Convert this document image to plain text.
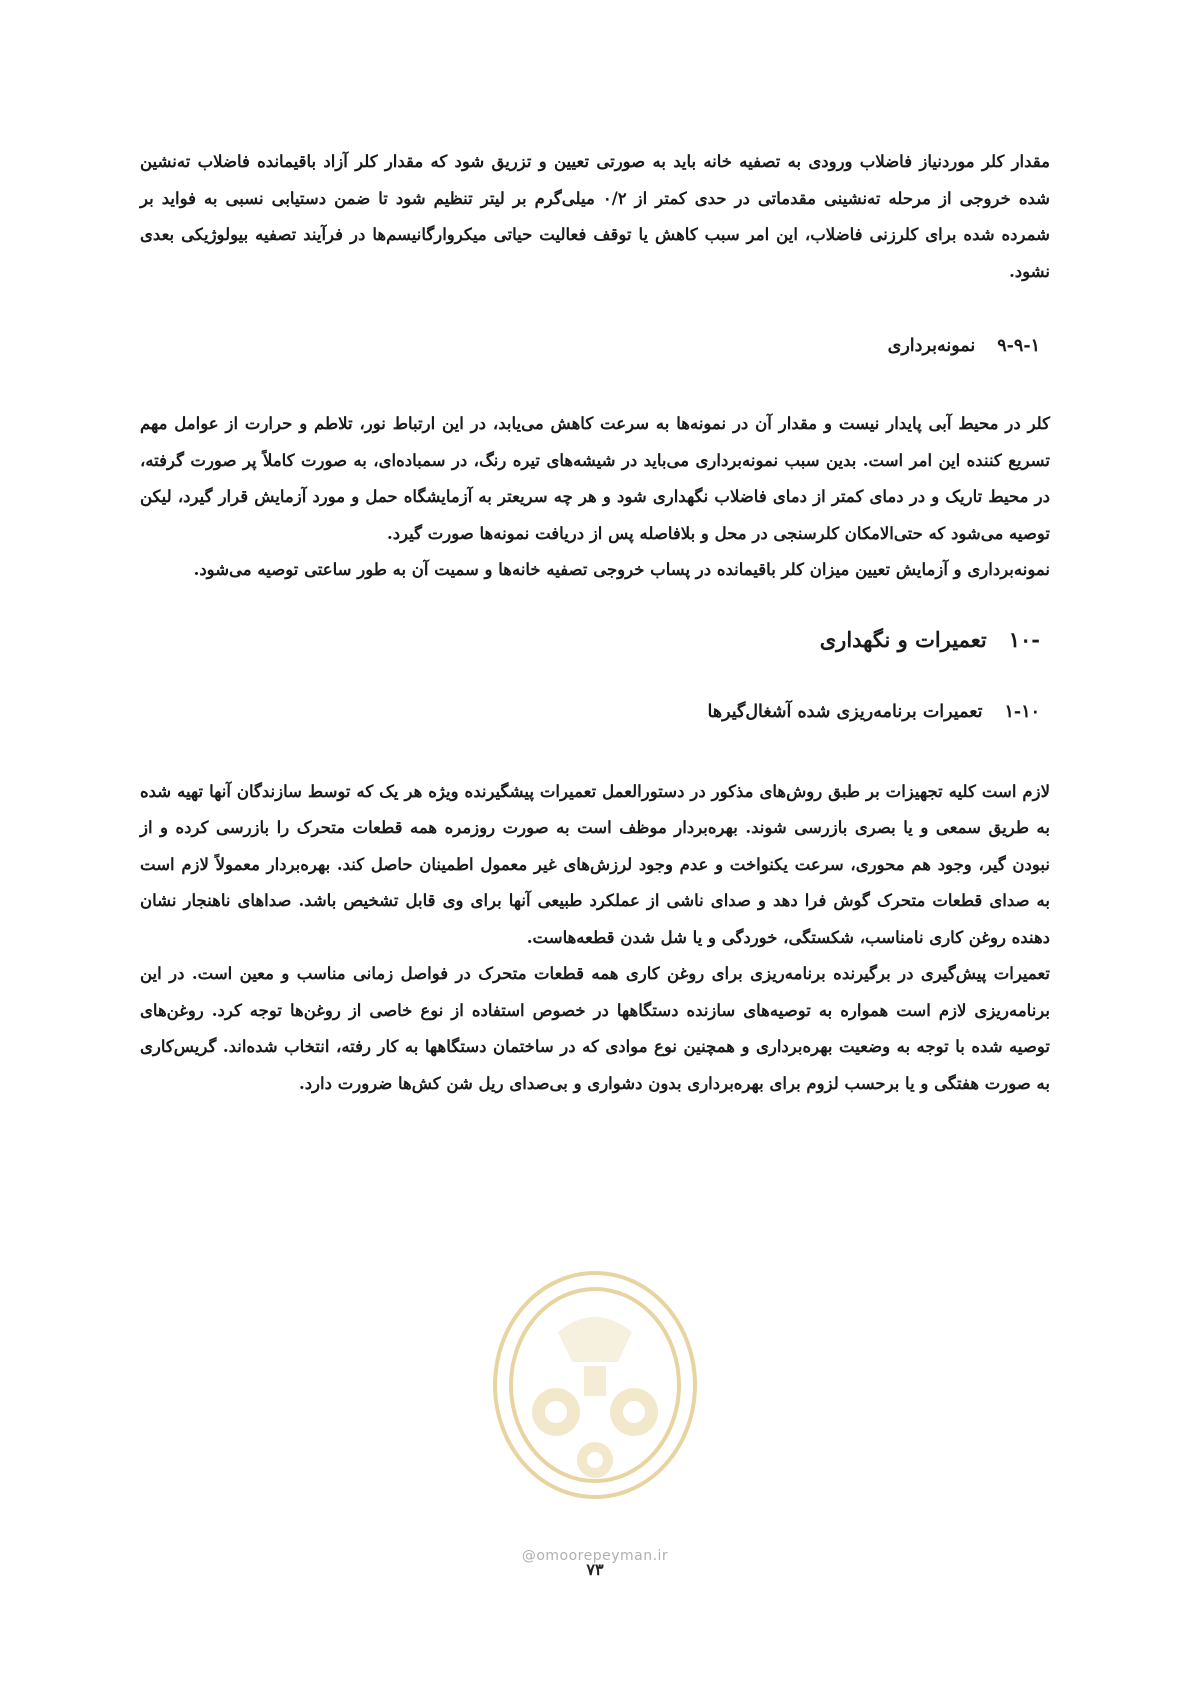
مقدار کلر موردنیاز فاضلاب ورودی به تصفیه خانه باید به صورتی تعیین و تزریق شود که مقدار کلر آزاد باقیمانده فاضلاب ته‌نشین شده خروجی از مرحله ته‌نشینی مقدماتی در حدی کمتر از ۰/۲ میلی‌گرم بر لیتر تنظیم شود تا ضمن دستیابی نسبی به فواید بر شمرده شده برای کلرزنی فاضلاب، این امر سبب کاهش یا توقف فعالیت حیاتی میکروارگانیسم‌ها در فرآیند تصفیه بیولوژیکی بعدی نشود.

۹-۹-۱نمونه‌برداری

کلر در محیط آبی پایدار نیست و مقدار آن در نمونه‌ها به سرعت کاهش می‌یابد، در این ارتباط نور، تلاطم و حرارت از عوامل مهم تسریع کننده این امر است. بدین سبب نمونه‌برداری می‌باید در شیشه‌های تیره رنگ، در سمباده‌ای، به صورت کاملاً پر صورت گرفته، در محیط تاریک و در دمای کمتر از دمای فاضلاب نگهداری شود و هر چه سریعتر به آزمایشگاه حمل و مورد آزمایش قرار گیرد، لیکن توصیه می‌شود که حتی‌الامکان کلرسنجی در محل و بلافاصله پس از دریافت نمونه‌ها صورت گیرد.

نمونه‌برداری و آزمایش تعیین میزان کلر باقیمانده در پساب خروجی تصفیه خانه‌ها و سمیت آن به طور ساعتی توصیه می‌شود.

-۱۰تعمیرات و نگهداری
۱-۱۰تعمیرات برنامه‌ریزی شده آشغال‌گیرها

لازم است کلیه تجهیزات بر طبق روش‌های مذکور در دستورالعمل تعمیرات پیشگیرنده ویژه هر یک که توسط سازندگان آنها تهیه شده به طریق سمعی و یا بصری بازرسی شوند. بهره‌بردار موظف است به صورت روزمره همه قطعات متحرک را بازرسی کرده و از نبودن گیر، وجود هم محوری، سرعت یکنواخت و عدم وجود لرزش‌های غیر معمول اطمینان حاصل کند. بهره‌بردار معمولاً لازم است به صدای قطعات متحرک گوش فرا دهد و صدای ناشی از عملکرد طبیعی آنها برای وی قابل تشخیص باشد. صداهای ناهنجار نشان دهنده روغن کاری نامناسب، شکستگی، خوردگی و یا شل شدن قطعه‌هاست.

تعمیرات پیش‌گیری در برگیرنده برنامه‌ریزی برای روغن کاری همه قطعات متحرک در فواصل زمانی مناسب و معین است. در این برنامه‌ریزی لازم است همواره به توصیه‌های سازنده دستگاهها در خصوص استفاده از نوع خاصی از روغن‌ها توجه کرد. روغن‌های توصیه شده با توجه به وضعیت بهره‌برداری و همچنین نوع موادی که در ساختمان دستگاهها به کار رفته، انتخاب شده‌اند. گریس‌کاری به صورت هفتگی و یا برحسب لزوم برای بهره‌برداری بدون دشواری و بی‌صدای ریل شن کش‌ها ضرورت دارد.

@omoorepeyman.ir
۷۳
